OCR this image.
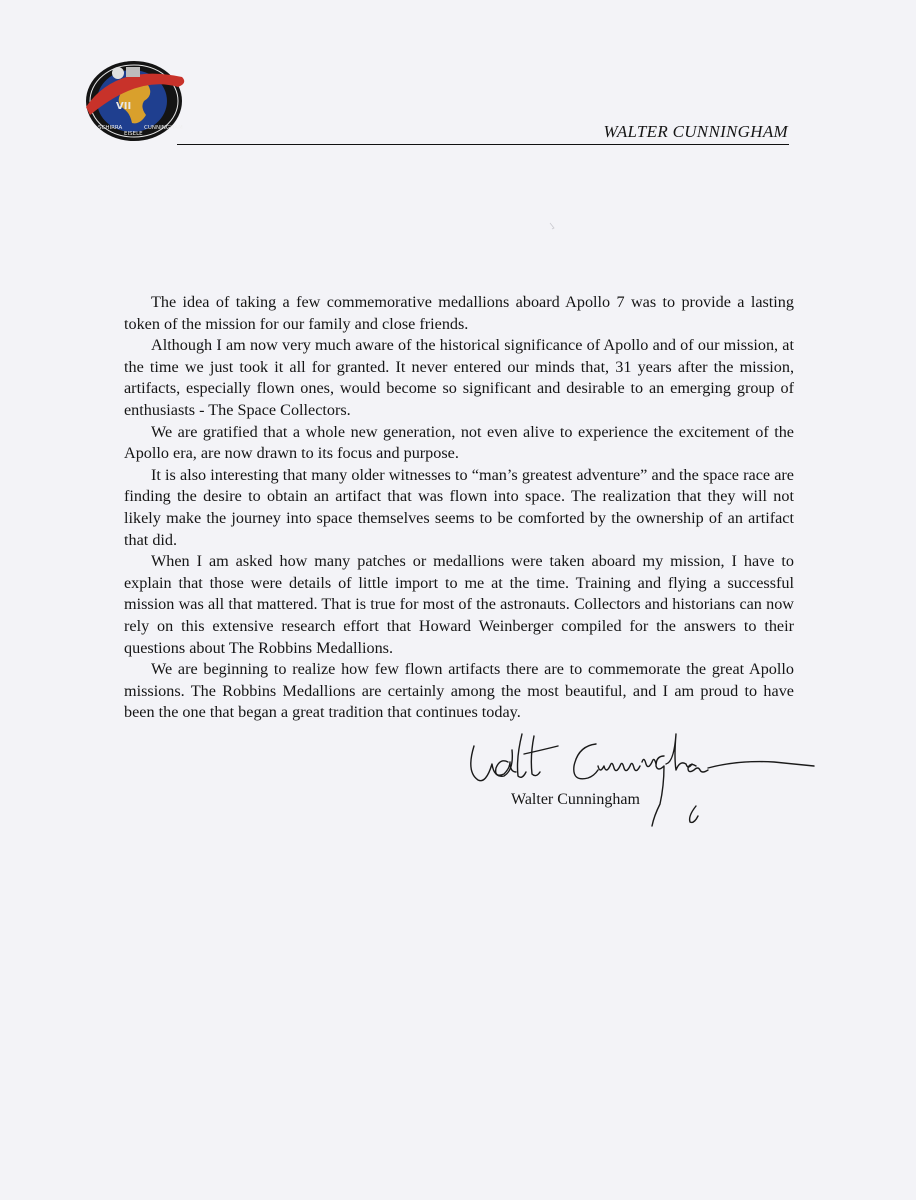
VII
SCHIRRA
EISELE
CUNNINGHAM	WALTER CUNNINGHAM

The idea of taking a few commemorative medallions aboard Apollo 7 was to provide a lasting token of the mission for our family and close friends.

Although I am now very much aware of the historical significance of Apollo and of our mission, at the time we just took it all for granted. It never entered our minds that, 31 years after the mission, artifacts, especially flown ones, would become so significant and desirable to an emerging group of enthusiasts - The Space Collectors.

We are gratified that a whole new generation, not even alive to experience the excitement of the Apollo era, are now drawn to its focus and purpose.

It is also interesting that many older witnesses to “man’s greatest adventure” and the space race are finding the desire to obtain an artifact that was flown into space. The realization that they will not likely make the journey into space themselves seems to be comforted by the ownership of an artifact that did.

When I am asked how many patches or medallions were taken aboard my mission, I have to explain that those were details of little import to me at the time. Training and flying a successful mission was all that mattered. That is true for most of the astronauts. Collectors and historians can now rely on this extensive research effort that Howard Weinberger compiled for the answers to their questions about The Robbins Medallions.

We are beginning to realize how few flown artifacts there are to commemorate the great Apollo missions. The Robbins Medallions are certainly among the most beautiful, and I am proud to have been the one that began a great tradition that continues today.

Walter Cunningham
